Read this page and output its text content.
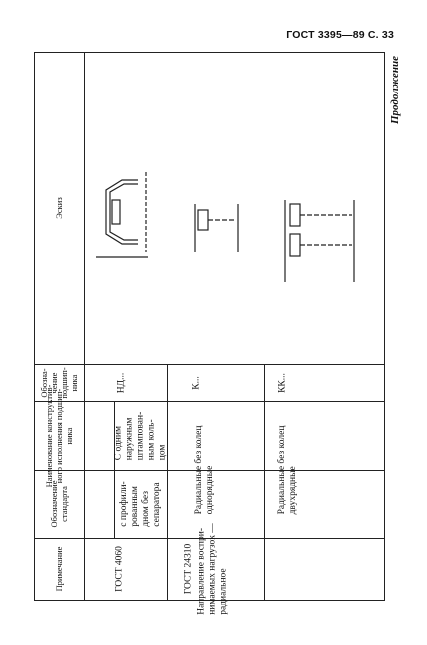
ГОСТ 3395—89 С. 33
Продолжение
Эскиз
Обозна-
чение
подшип-
ника
Наименование конструктив-
ного исполнения подшип-
ника
Обозначение
стандарта
Примечание
НД...
С одним
наружным
штампован-
ным коль-
цом
с профили-
рованным
дном без
сепаратора
ГОСТ 4060
К...
Радиальные без колец
однорядные
ГОСТ 24310 Направление воспри-
нимаемых нагрузок —
радиальное
КК...
Радиальные без колец
двухрядные
